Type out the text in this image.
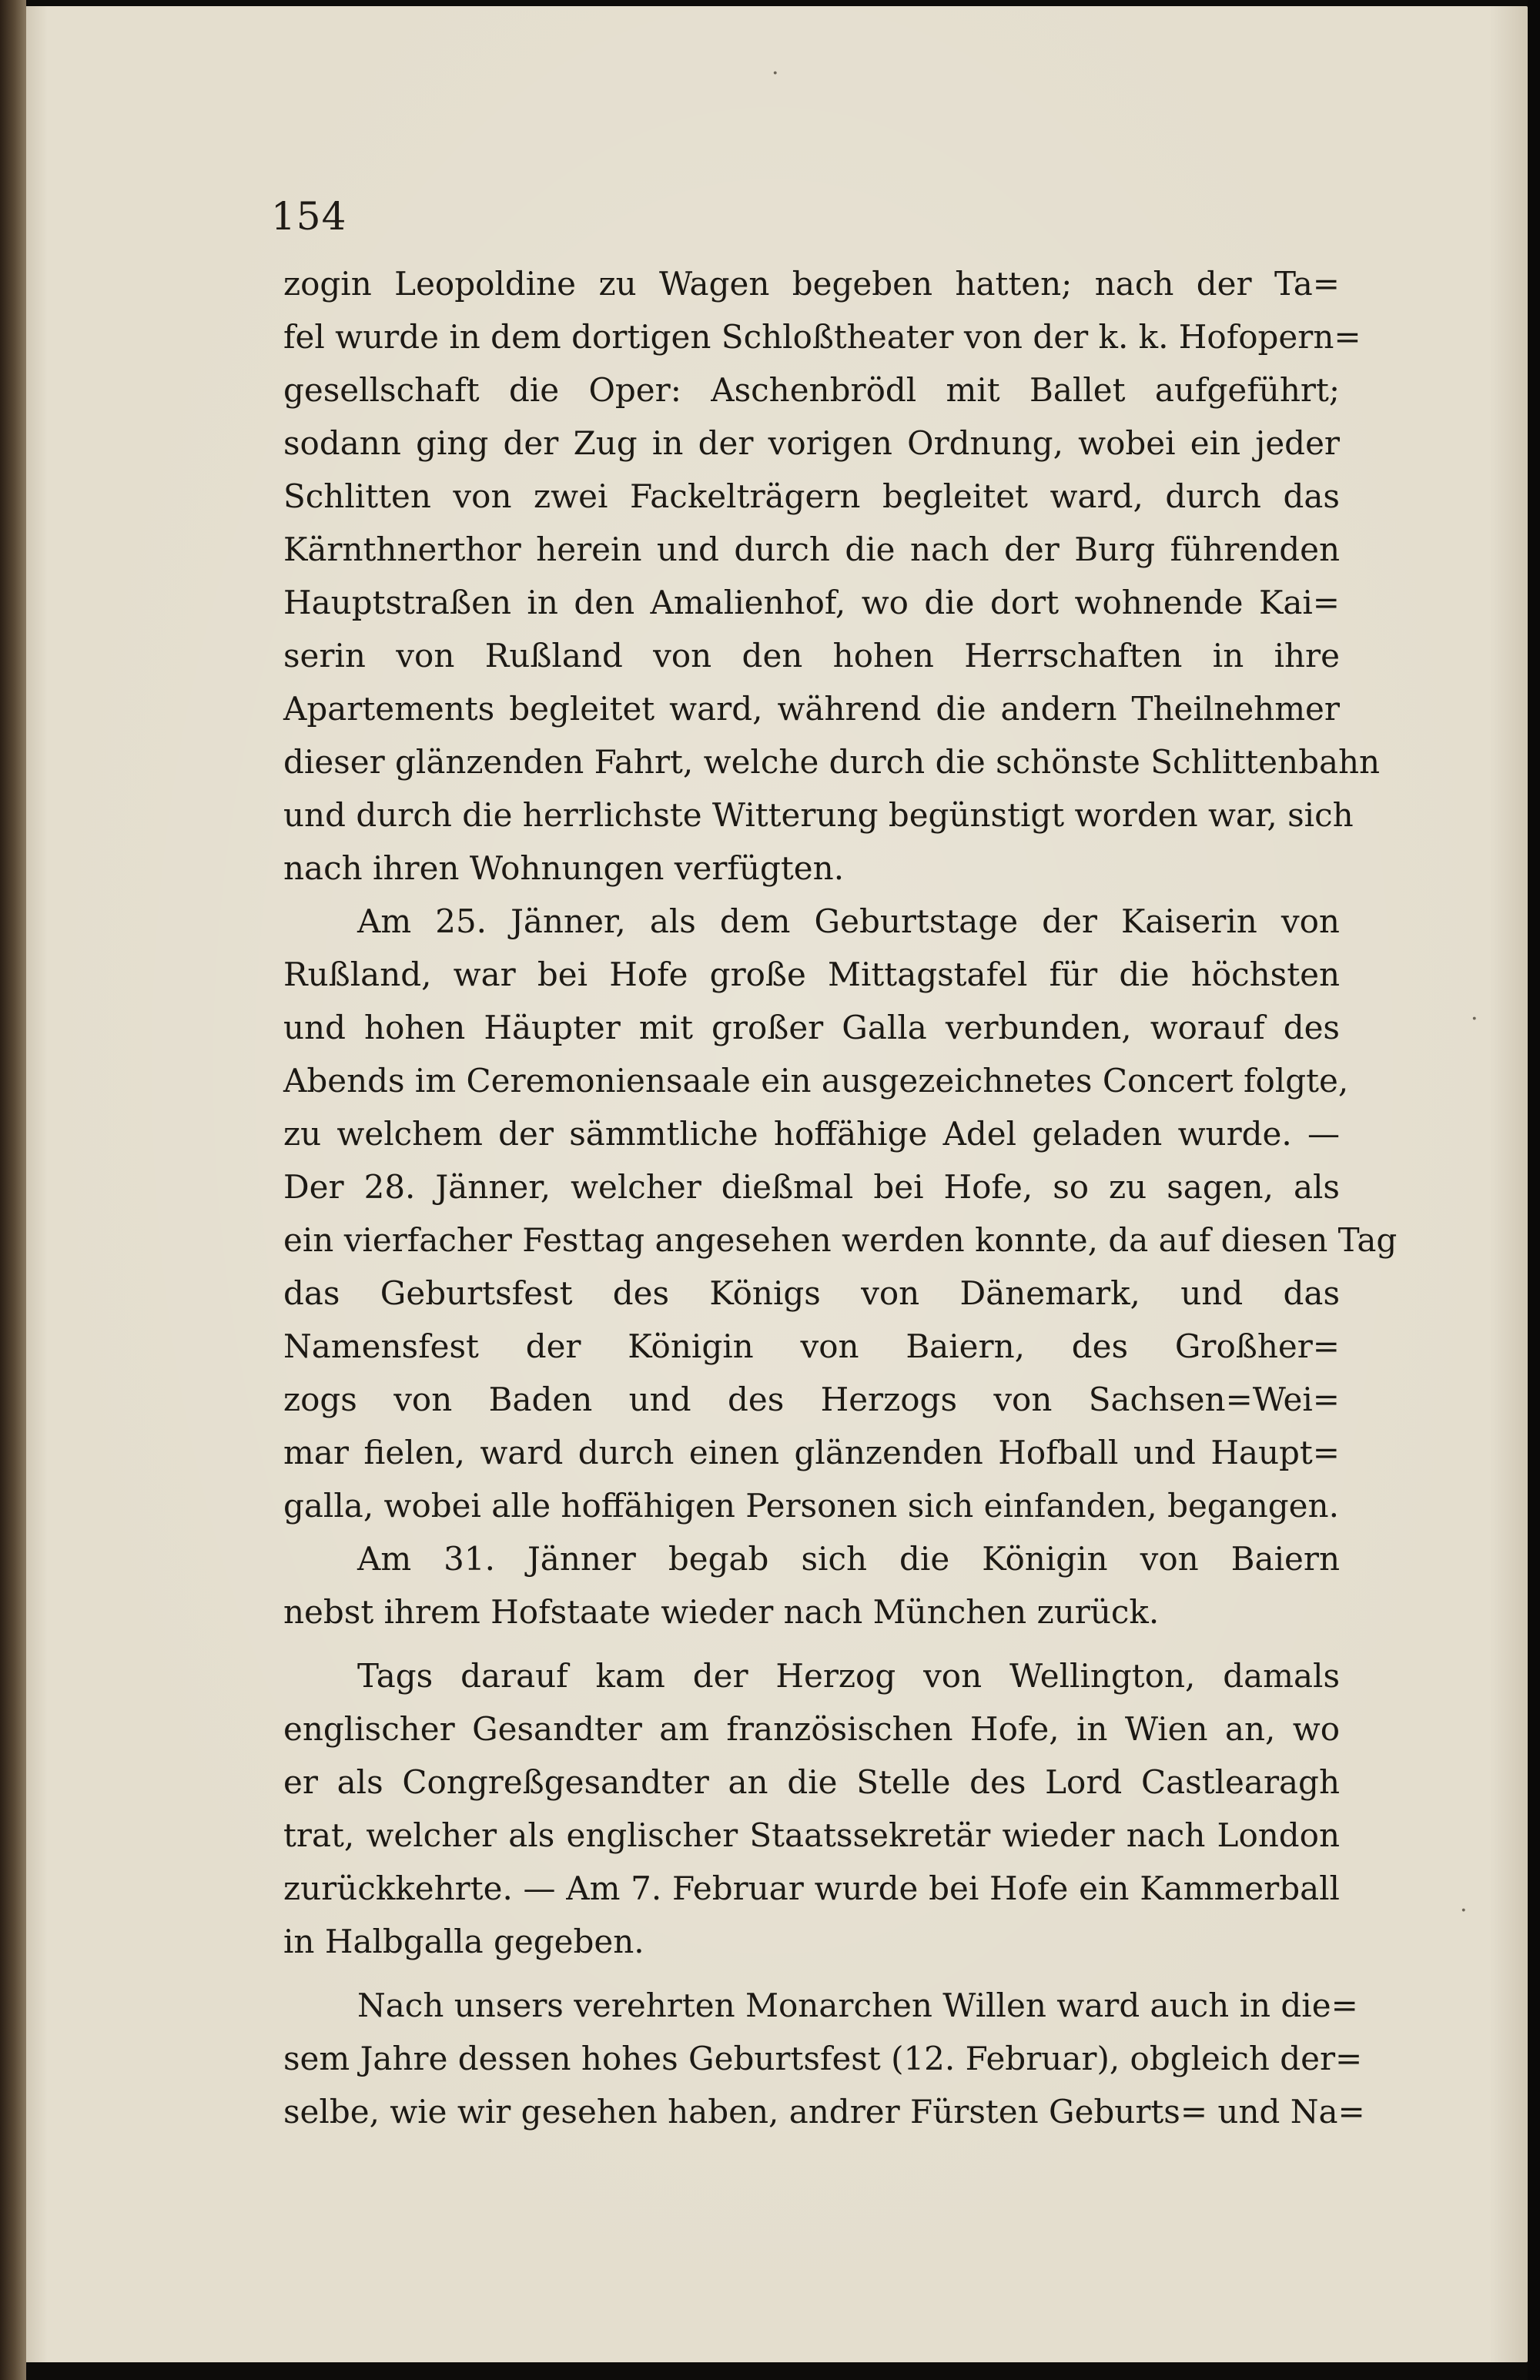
·
·
·
154
zogin Leopoldine zu Wagen begeben hatten; nach der Ta=
fel wurde in dem dortigen Schloßtheater von der k. k. Hofopern=
gesellschaft die Oper: Aschenbrödl mit Ballet aufgeführt;
sodann ging der Zug in der vorigen Ordnung, wobei ein jeder
Schlitten von zwei Fackelträgern begleitet ward, durch das
Kärnthnerthor herein und durch die nach der Burg führenden
Hauptstraßen in den Amalienhof, wo die dort wohnende Kai=
serin von Rußland von den hohen Herrschaften in ihre
Apartements begleitet ward, während die andern Theilnehmer
dieser glänzenden Fahrt, welche durch die schönste Schlittenbahn
und durch die herrlichste Witterung begünstigt worden war, sich
nach ihren Wohnungen verfügten.
Am 25. Jänner, als dem Geburtstage der Kaiserin von
Rußland, war bei Hofe große Mittagstafel für die höchsten
und hohen Häupter mit großer Galla verbunden, worauf des
Abends im Ceremoniensaale ein ausgezeichnetes Concert folgte,
zu welchem der sämmtliche hoffähige Adel geladen wurde. —
Der 28. Jänner, welcher dießmal bei Hofe, so zu sagen, als
ein vierfacher Festtag angesehen werden konnte, da auf diesen Tag
das Geburtsfest des Königs von Dänemark, und das
Namensfest der Königin von Baiern, des Großher=
zogs von Baden und des Herzogs von Sachsen=Wei=
mar fielen, ward durch einen glänzenden Hofball und Haupt=
galla, wobei alle hoffähigen Personen sich einfanden, begangen.
Am 31. Jänner begab sich die Königin von Baiern
nebst ihrem Hofstaate wieder nach München zurück.
Tags darauf kam der Herzog von Wellington, damals
englischer Gesandter am französischen Hofe, in Wien an, wo
er als Congreßgesandter an die Stelle des Lord Castlearagh
trat, welcher als englischer Staatssekretär wieder nach London
zurückkehrte. — Am 7. Februar wurde bei Hofe ein Kammerball
in Halbgalla gegeben.
Nach unsers verehrten Monarchen Willen ward auch in die=
sem Jahre dessen hohes Geburtsfest (12. Februar), obgleich der=
selbe, wie wir gesehen haben, andrer Fürsten Geburts= und Na=
